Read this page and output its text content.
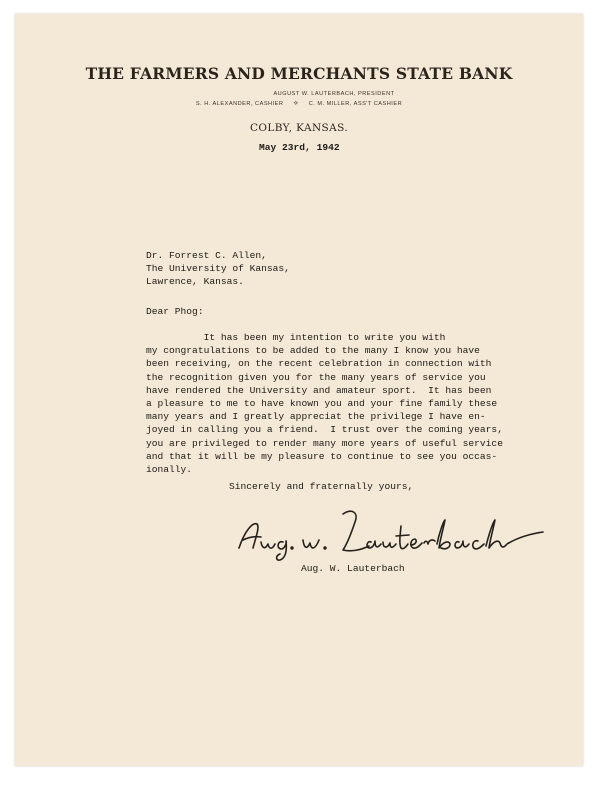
THE FARMERS AND MERCHANTS STATE BANK
AUGUST W. LAUTERBACH, PRESIDENT
S. H. ALEXANDER, CASHIER ⟡ C. M. MILLER, ASS'T CASHIER
COLBY, KANSAS.
May 23rd, 1942
Dr. Forrest C. Allen,
The University of Kansas,
Lawrence, Kansas.
Dear Phog:
It has been my intention to write you with
my congratulations to be added to the many I know you have
been receiving, on the recent celebration in connection with
the recognition given you for the many years of service you
have rendered the University and amateur sport.  It has been
a pleasure to me to have known you and your fine family these
many years and I greatly appreciat the privilege I have en-
joyed in calling you a friend.  I trust over the coming years,
you are privileged to render many more years of useful service
and that it will be my pleasure to continue to see you occas-
ionally.
Sincerely and fraternally yours,
Aug. W. Lauterbach
